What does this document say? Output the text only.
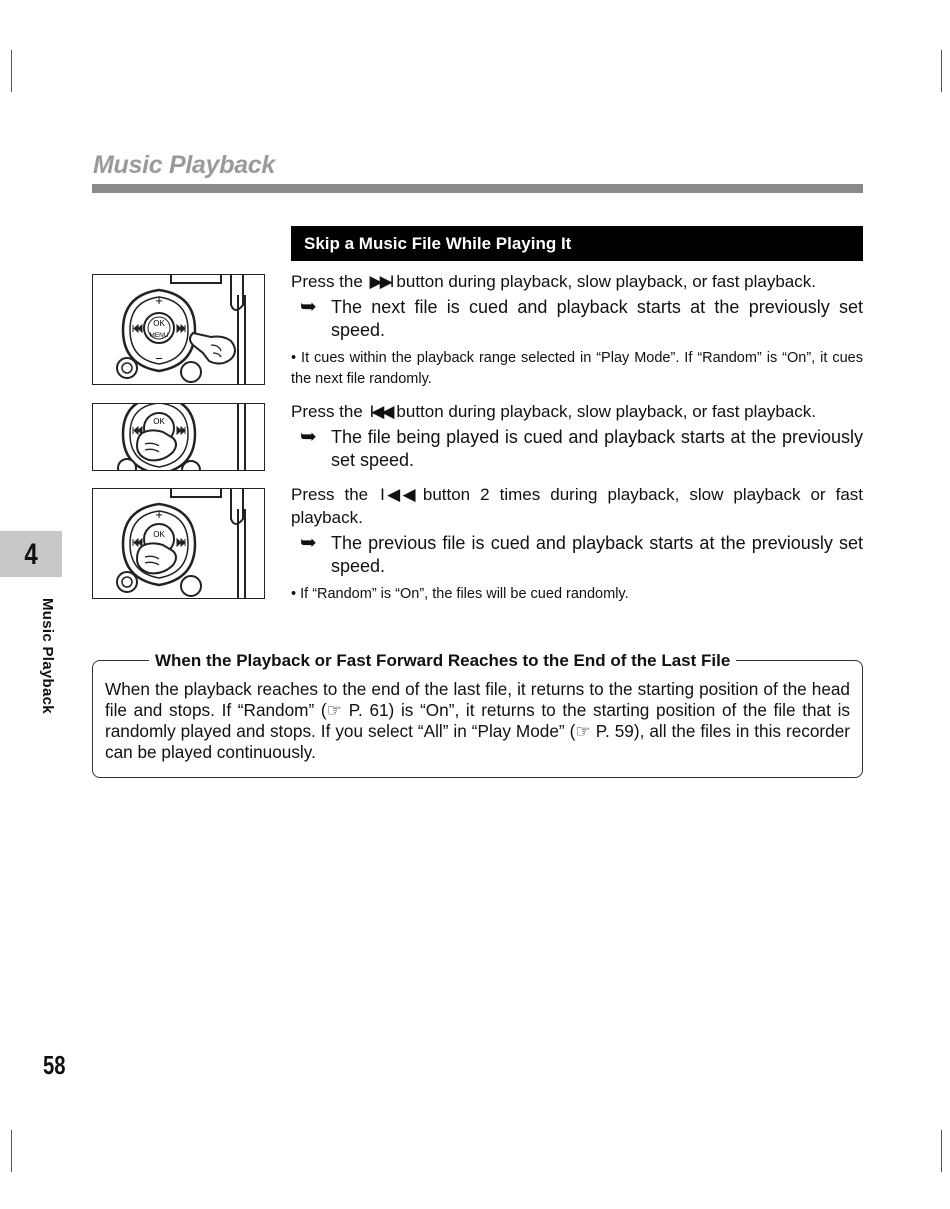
Music Playback
Skip a Music File While Playing It
OK
MENU
+
−
OK
OK
+
Press the ▶▶I button during playback, slow playback, or fast playback.
➥ The next file is cued and playback starts at the previously set speed.
• It cues within the playback range selected in “Play Mode”. If “Random” is “On”, it cues the next file randomly.
Press the I◀◀ button during playback, slow playback, or fast playback.
➥ The file being played is cued and playback starts at the previously set speed.
Press the I◀◀ button 2 times during playback, slow playback or fast playback.
➥ The previous file is cued and playback starts at the previously set speed.
• If “Random” is “On”, the files will be cued randomly.
4
Music Playback	When the Playback or Fast Forward Reaches to the End of the Last File
When the playback reaches to the end of the last file, it returns to the starting position of the head file and stops. If “Random” (☞ P. 61) is “On”, it returns to the starting position of the file that is randomly played and stops. If you select “All” in “Play Mode” (☞ P. 59), all the files in this recorder can be played continuously.
58
